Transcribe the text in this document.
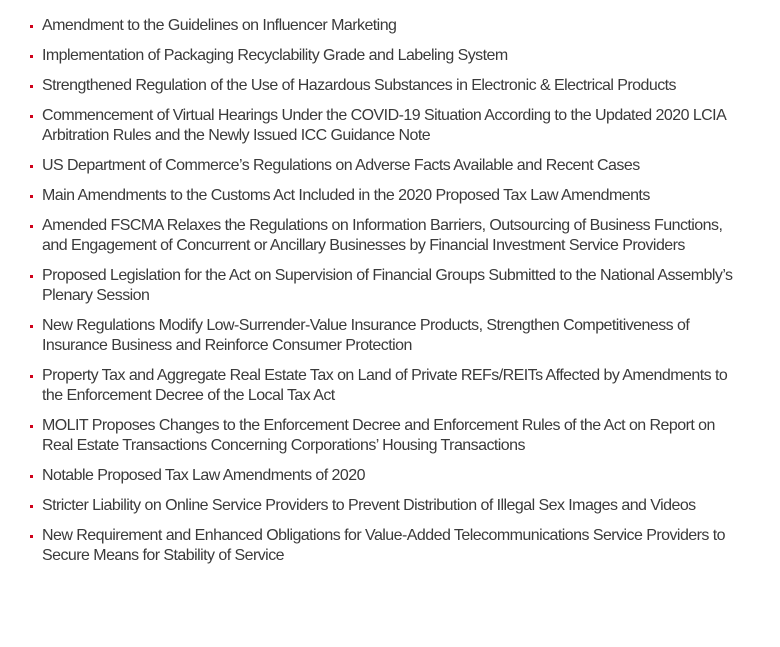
Amendment to the Guidelines on Influencer Marketing
Implementation of Packaging Recyclability Grade and Labeling System
Strengthened Regulation of the Use of Hazardous Substances in Electronic & Electrical Products
Commencement of Virtual Hearings Under the COVID-19 Situation According to the Updated 2020 LCIA Arbitration Rules and the Newly Issued ICC Guidance Note
US Department of Commerce’s Regulations on Adverse Facts Available and Recent Cases
Main Amendments to the Customs Act Included in the 2020 Proposed Tax Law Amendments
Amended FSCMA Relaxes the Regulations on Information Barriers, Outsourcing of Business Functions, and Engagement of Concurrent or Ancillary Businesses by Financial Investment Service Providers
Proposed Legislation for the Act on Supervision of Financial Groups Submitted to the National Assembly’s Plenary Session
New Regulations Modify Low-Surrender-Value Insurance Products, Strengthen Competitiveness of Insurance Business and Reinforce Consumer Protection
Property Tax and Aggregate Real Estate Tax on Land of Private REFs/REITs Affected by Amendments to the Enforcement Decree of the Local Tax Act
MOLIT Proposes Changes to the Enforcement Decree and Enforcement Rules of the Act on Report on Real Estate Transactions Concerning Corporations’ Housing Transactions
Notable Proposed Tax Law Amendments of 2020
Stricter Liability on Online Service Providers to Prevent Distribution of Illegal Sex Images and Videos
New Requirement and Enhanced Obligations for Value-Added Telecommunications Service Providers to Secure Means for Stability of Service
